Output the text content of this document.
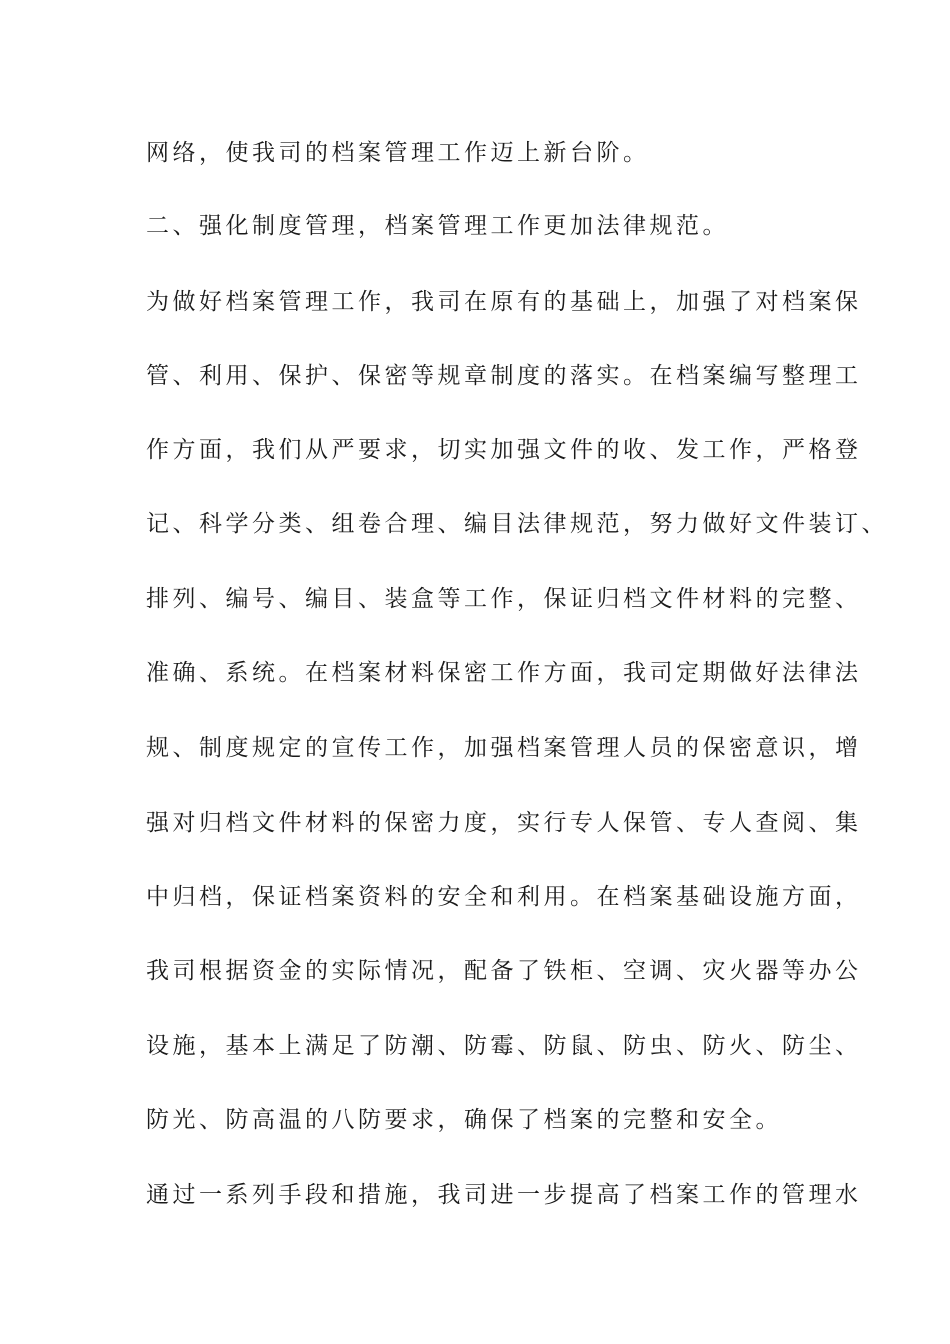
网络，使我司的档案管理工作迈上新台阶。

二、强化制度管理，档案管理工作更加法律规范。

为做好档案管理工作，我司在原有的基础上，加强了对档案保

管、利用、保护、保密等规章制度的落实。在档案编写整理工

作方面，我们从严要求，切实加强文件的收、发工作，严格登

记、科学分类、组卷合理、编目法律规范，努力做好文件装订、

排列、编号、编目、装盒等工作，保证归档文件材料的完整、

准确、系统。在档案材料保密工作方面，我司定期做好法律法

规、制度规定的宣传工作，加强档案管理人员的保密意识，增

强对归档文件材料的保密力度，实行专人保管、专人查阅、集

中归档，保证档案资料的安全和利用。在档案基础设施方面，

我司根据资金的实际情况，配备了铁柜、空调、灾火器等办公

设施，基本上满足了防潮、防霉、防鼠、防虫、防火、防尘、

防光、防高温的八防要求，确保了档案的完整和安全。

通过一系列手段和措施，我司进一步提高了档案工作的管理水
